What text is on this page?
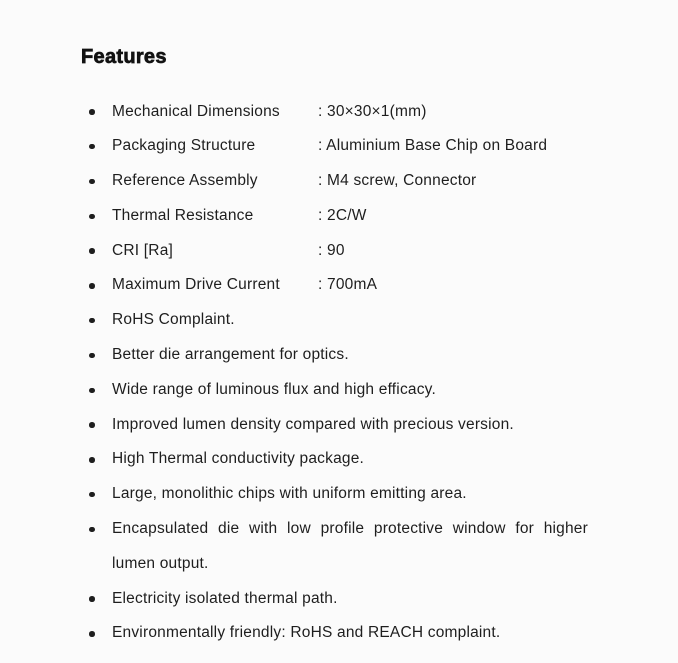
Features
Mechanical Dimensions : 30×30×1(mm)
Packaging Structure	: Aluminium Base Chip on Board
Reference Assembly	: M4 screw, Connector
Thermal Resistance	: 2C/W
CRI [Ra]	: 90
Maximum Drive Current : 700mA
RoHS Complaint.
Better die arrangement for optics.
Wide range of luminous flux and high efficacy.
Improved lumen density compared with precious version.
High Thermal conductivity package.
Large, monolithic chips with uniform emitting area.
Encapsulated die with low profile protective window for higher lumen output.
Electricity isolated thermal path.
Environmentally friendly: RoHS and REACH complaint.
